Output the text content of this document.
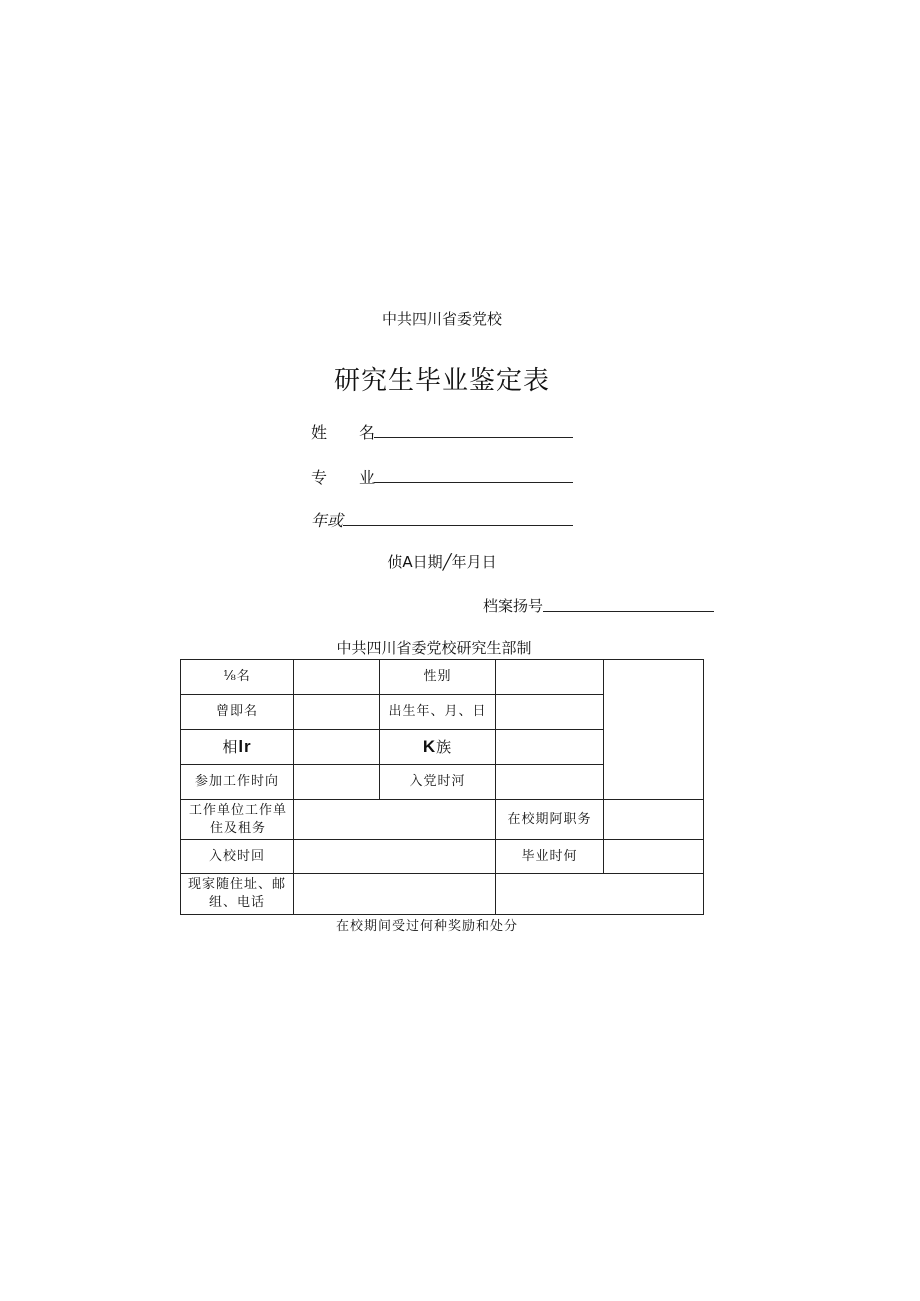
中共四川省委党校
研究生毕业鉴定表
姓　　名
专　　业
年或
侦A日期╱年月日
档案扬号
中共四川省委党校研究生部制
⅛名		性别		
曾即名		出生年、月、日		
相lr		K族		
参加工作时向		入党时河		
工作单位工作单住及租务			在校期阿职务	
入校时回			毕业时何	
现家随住址、邮组、电话				
在校期间受过何种奖励和处分
